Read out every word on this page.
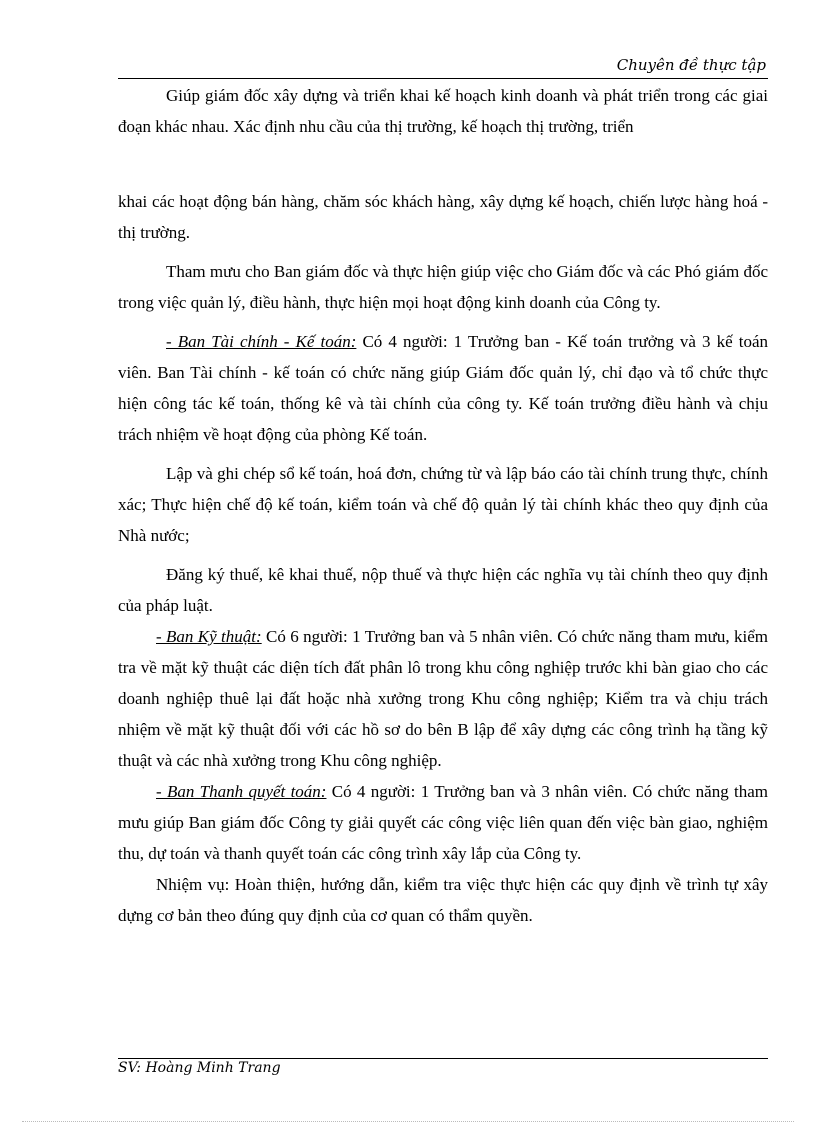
Chuyên đề thực tập

Giúp giám đốc xây dựng và triển khai kế hoạch kinh doanh và phát triển trong các giai đoạn khác nhau. Xác định nhu cầu của thị trường, kế hoạch thị trường, triển

khai các hoạt động bán hàng, chăm sóc khách hàng, xây dựng kế hoạch, chiến lược hàng hoá - thị trường.

Tham mưu cho Ban giám đốc và thực hiện giúp việc cho Giám đốc và các Phó giám đốc trong việc quản lý, điều hành, thực hiện mọi hoạt động kinh doanh của Công ty.

- Ban Tài chính - Kế toán: Có 4 người: 1 Trưởng ban - Kế toán trưởng và 3 kế toán viên. Ban Tài chính - kế toán có chức năng giúp Giám đốc quản lý, chỉ đạo và tổ chức thực hiện công tác kế toán, thống kê và tài chính của công ty. Kế toán trưởng điều hành và chịu trách nhiệm về hoạt động của phòng Kế toán.

Lập và ghi chép sổ kế toán, hoá đơn, chứng từ và lập báo cáo tài chính trung thực, chính xác; Thực hiện chế độ kế toán, kiểm toán và chế độ quản lý tài chính khác theo quy định của Nhà nước;

Đăng ký thuế, kê khai thuế, nộp thuế và thực hiện các nghĩa vụ tài chính theo quy định của pháp luật.

- Ban Kỹ thuật: Có 6 người: 1 Trưởng ban và 5 nhân viên. Có chức năng tham mưu, kiểm tra về mặt kỹ thuật các diện tích đất phân lô trong khu công nghiệp trước khi bàn giao cho các doanh nghiệp thuê lại đất hoặc nhà xưởng trong Khu công nghiệp; Kiểm tra và chịu trách nhiệm về mặt kỹ thuật đối với các hồ sơ do bên B lập để xây dựng các công trình hạ tầng kỹ thuật và các nhà xưởng trong Khu công nghiệp.

- Ban Thanh quyết toán: Có 4 người: 1 Trưởng ban và 3 nhân viên. Có chức năng tham mưu giúp Ban giám đốc Công ty giải quyết các công việc liên quan đến việc bàn giao, nghiệm thu, dự toán và thanh quyết toán các công trình xây lắp của Công ty.

Nhiệm vụ: Hoàn thiện, hướng dẫn, kiểm tra việc thực hiện các quy định về trình tự xây dựng cơ bản theo đúng quy định của cơ quan có thẩm quyền.

SV: Hoàng Minh Trang
